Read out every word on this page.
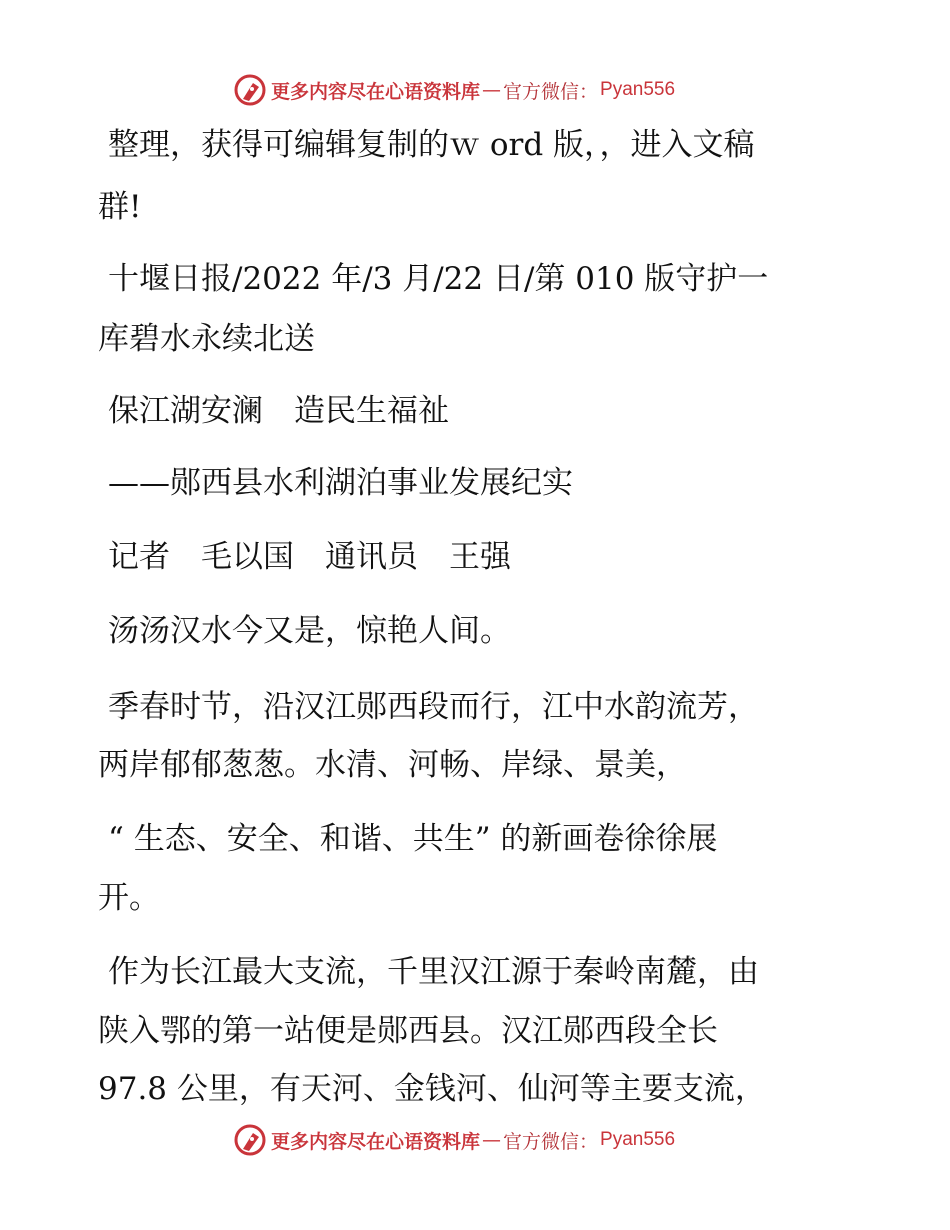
更多内容尽在心语资料库 — 官方微信： Pyan556
整理，获得可编辑复制的ｗ ord 版，，进入文稿
群!
十堰日报/2022 年/3 月/22 日/第 010 版守护一
库碧水永续北送
保江湖安澜　造民生福祉
——郧西县水利湖泊事业发展纪实
记者　毛以国　通讯员　王强
汤汤汉水今又是，惊艳人间。
季春时节，沿汉江郧西段而行，江中水韵流芳，
两岸郁郁葱葱。水清、河畅、岸绿、景美，
“ 生态、安全、和谐、共生” 的新画卷徐徐展
开。
作为长江最大支流，千里汉江源于秦岭南麓，由
陕入鄂的第一站便是郧西县。汉江郧西段全长
97.8 公里，有天河、金钱河、仙河等主要支流，
更多内容尽在心语资料库 — 官方微信： Pyan556
